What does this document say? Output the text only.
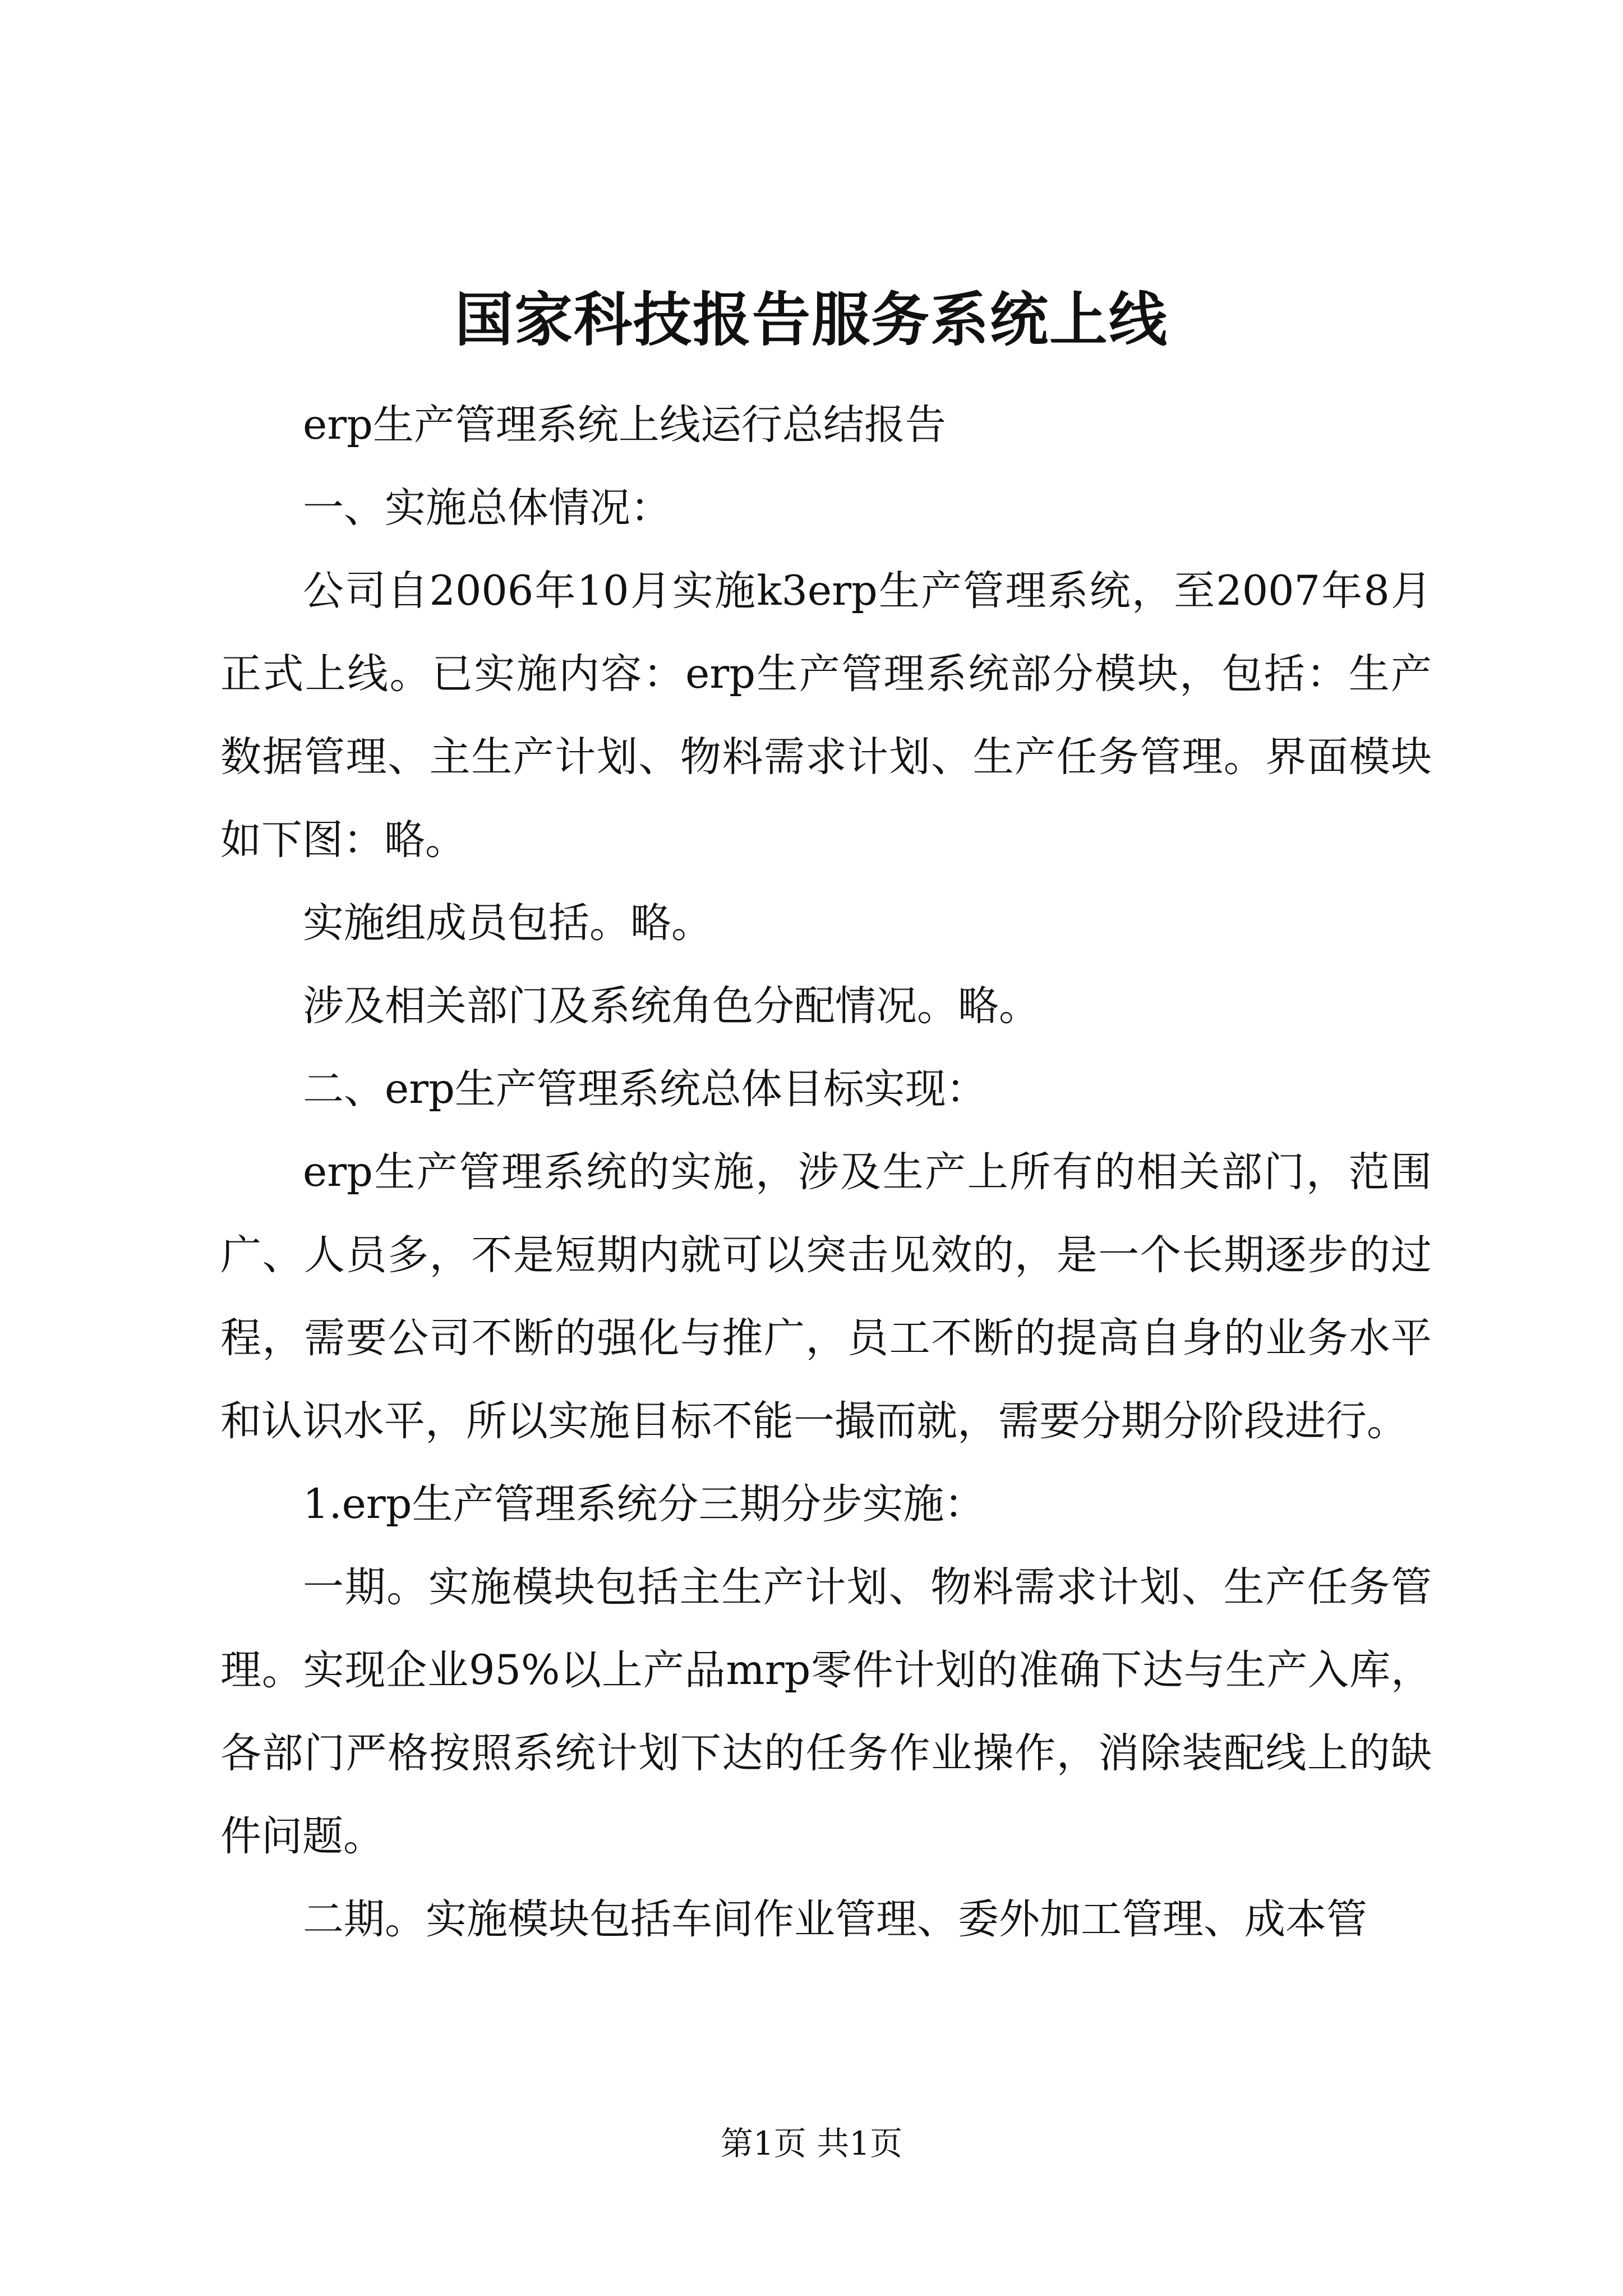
国家科技报告服务系统上线

erp生产管理系统上线运行总结报告

一、实施总体情况：

公司自2006年10月实施k3erp生产管理系统，至2007年8月正式上线。已实施内容：erp生产管理系统部分模块，包括：生产数据管理、主生产计划、物料需求计划、生产任务管理。界面模块如下图：略。

实施组成员包括。略。

涉及相关部门及系统角色分配情况。略。

二、erp生产管理系统总体目标实现：

erp生产管理系统的实施，涉及生产上所有的相关部门，范围广、人员多，不是短期内就可以突击见效的，是一个长期逐步的过程，需要公司不断的强化与推广，员工不断的提高自身的业务水平和认识水平，所以实施目标不能一撮而就，需要分期分阶段进行。

1.erp生产管理系统分三期分步实施：

一期。实施模块包括主生产计划、物料需求计划、生产任务管理。实现企业95%以上产品mrp零件计划的准确下达与生产入库，各部门严格按照系统计划下达的任务作业操作，消除装配线上的缺件问题。

二期。实施模块包括车间作业管理、委外加工管理、成本管

第1页 共1页
